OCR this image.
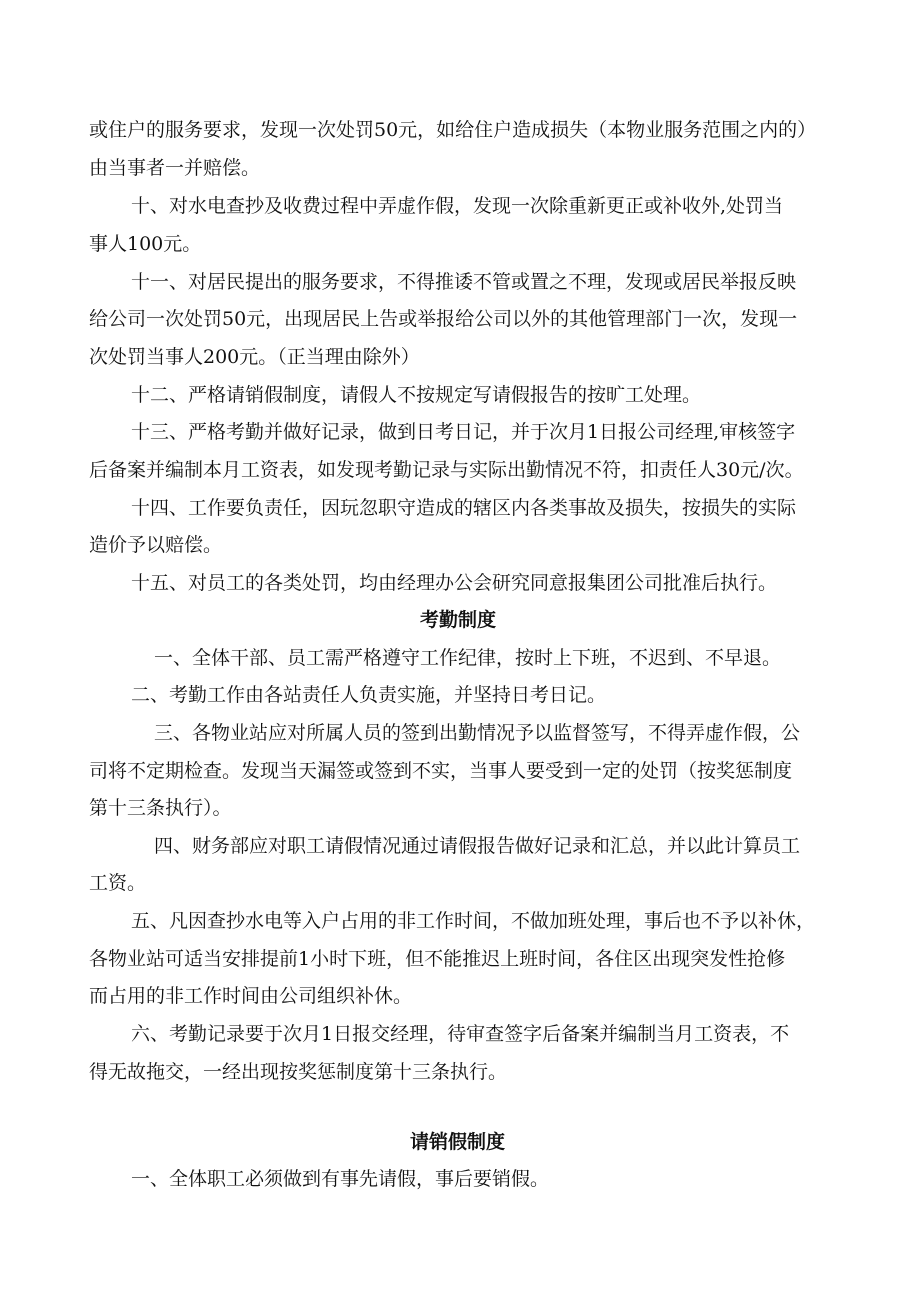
或住户的服务要求，发现一次处罚50元，如给住户造成损失（本物业服务范围之内的）
由当事者一并赔偿。
十、对水电查抄及收费过程中弄虚作假，发现一次除重新更正或补收外,处罚当
事人100元。
十一、对居民提出的服务要求，不得推诿不管或置之不理，发现或居民举报反映
给公司一次处罚50元，出现居民上告或举报给公司以外的其他管理部门一次，发现一
次处罚当事人200元。（正当理由除外）
十二、严格请销假制度，请假人不按规定写请假报告的按旷工处理。
十三、严格考勤并做好记录，做到日考日记，并于次月1日报公司经理,审核签字
后备案并编制本月工资表，如发现考勤记录与实际出勤情况不符，扣责任人30元/次。
十四、工作要负责任，因玩忽职守造成的辖区内各类事故及损失，按损失的实际
造价予以赔偿。
十五、对员工的各类处罚，均由经理办公会研究同意报集团公司批准后执行。
考勤制度
一、全体干部、员工需严格遵守工作纪律，按时上下班，不迟到、不早退。
二、考勤工作由各站责任人负责实施，并坚持日考日记。
三、各物业站应对所属人员的签到出勤情况予以监督签写，不得弄虚作假，公
司将不定期检查。发现当天漏签或签到不实，当事人要受到一定的处罚（按奖惩制度
第十三条执行）。
四、财务部应对职工请假情况通过请假报告做好记录和汇总，并以此计算员工
工资。
五、凡因查抄水电等入户占用的非工作时间，不做加班处理，事后也不予以补休，
各物业站可适当安排提前1小时下班，但不能推迟上班时间，各住区出现突发性抢修
而占用的非工作时间由公司组织补休。
六、考勤记录要于次月1日报交经理，待审查签字后备案并编制当月工资表，不
得无故拖交，一经出现按奖惩制度第十三条执行。
请销假制度
一、全体职工必须做到有事先请假，事后要销假。
